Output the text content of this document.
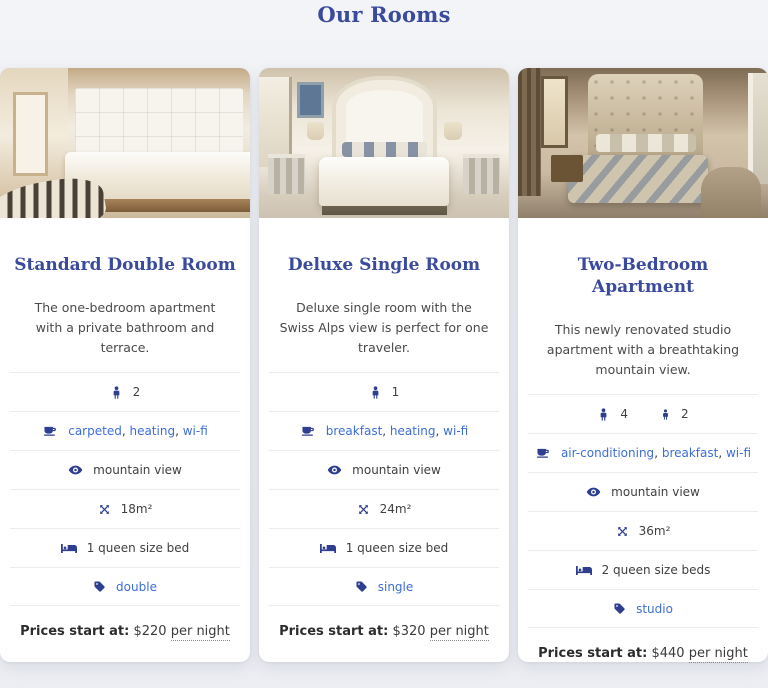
Our Rooms
Standard Double Room

The one-bedroom apartment with a private bathroom and terrace.

2
carpeted, heating, wi-fi
mountain view
18m²
1 queen size bed
double

Prices start at: $220 per night

Deluxe Single Room

Deluxe single room with the Swiss Alps view is perfect for one traveler.

1
breakfast, heating, wi-fi
mountain view
24m²
1 queen size bed
single

Prices start at: $320 per night

Two-Bedroom Apartment

This newly renovated studio apartment with a breathtaking mountain view.

4	2
air-conditioning, breakfast, wi-fi
mountain view
36m²
2 queen size beds
studio

Prices start at: $440 per night
